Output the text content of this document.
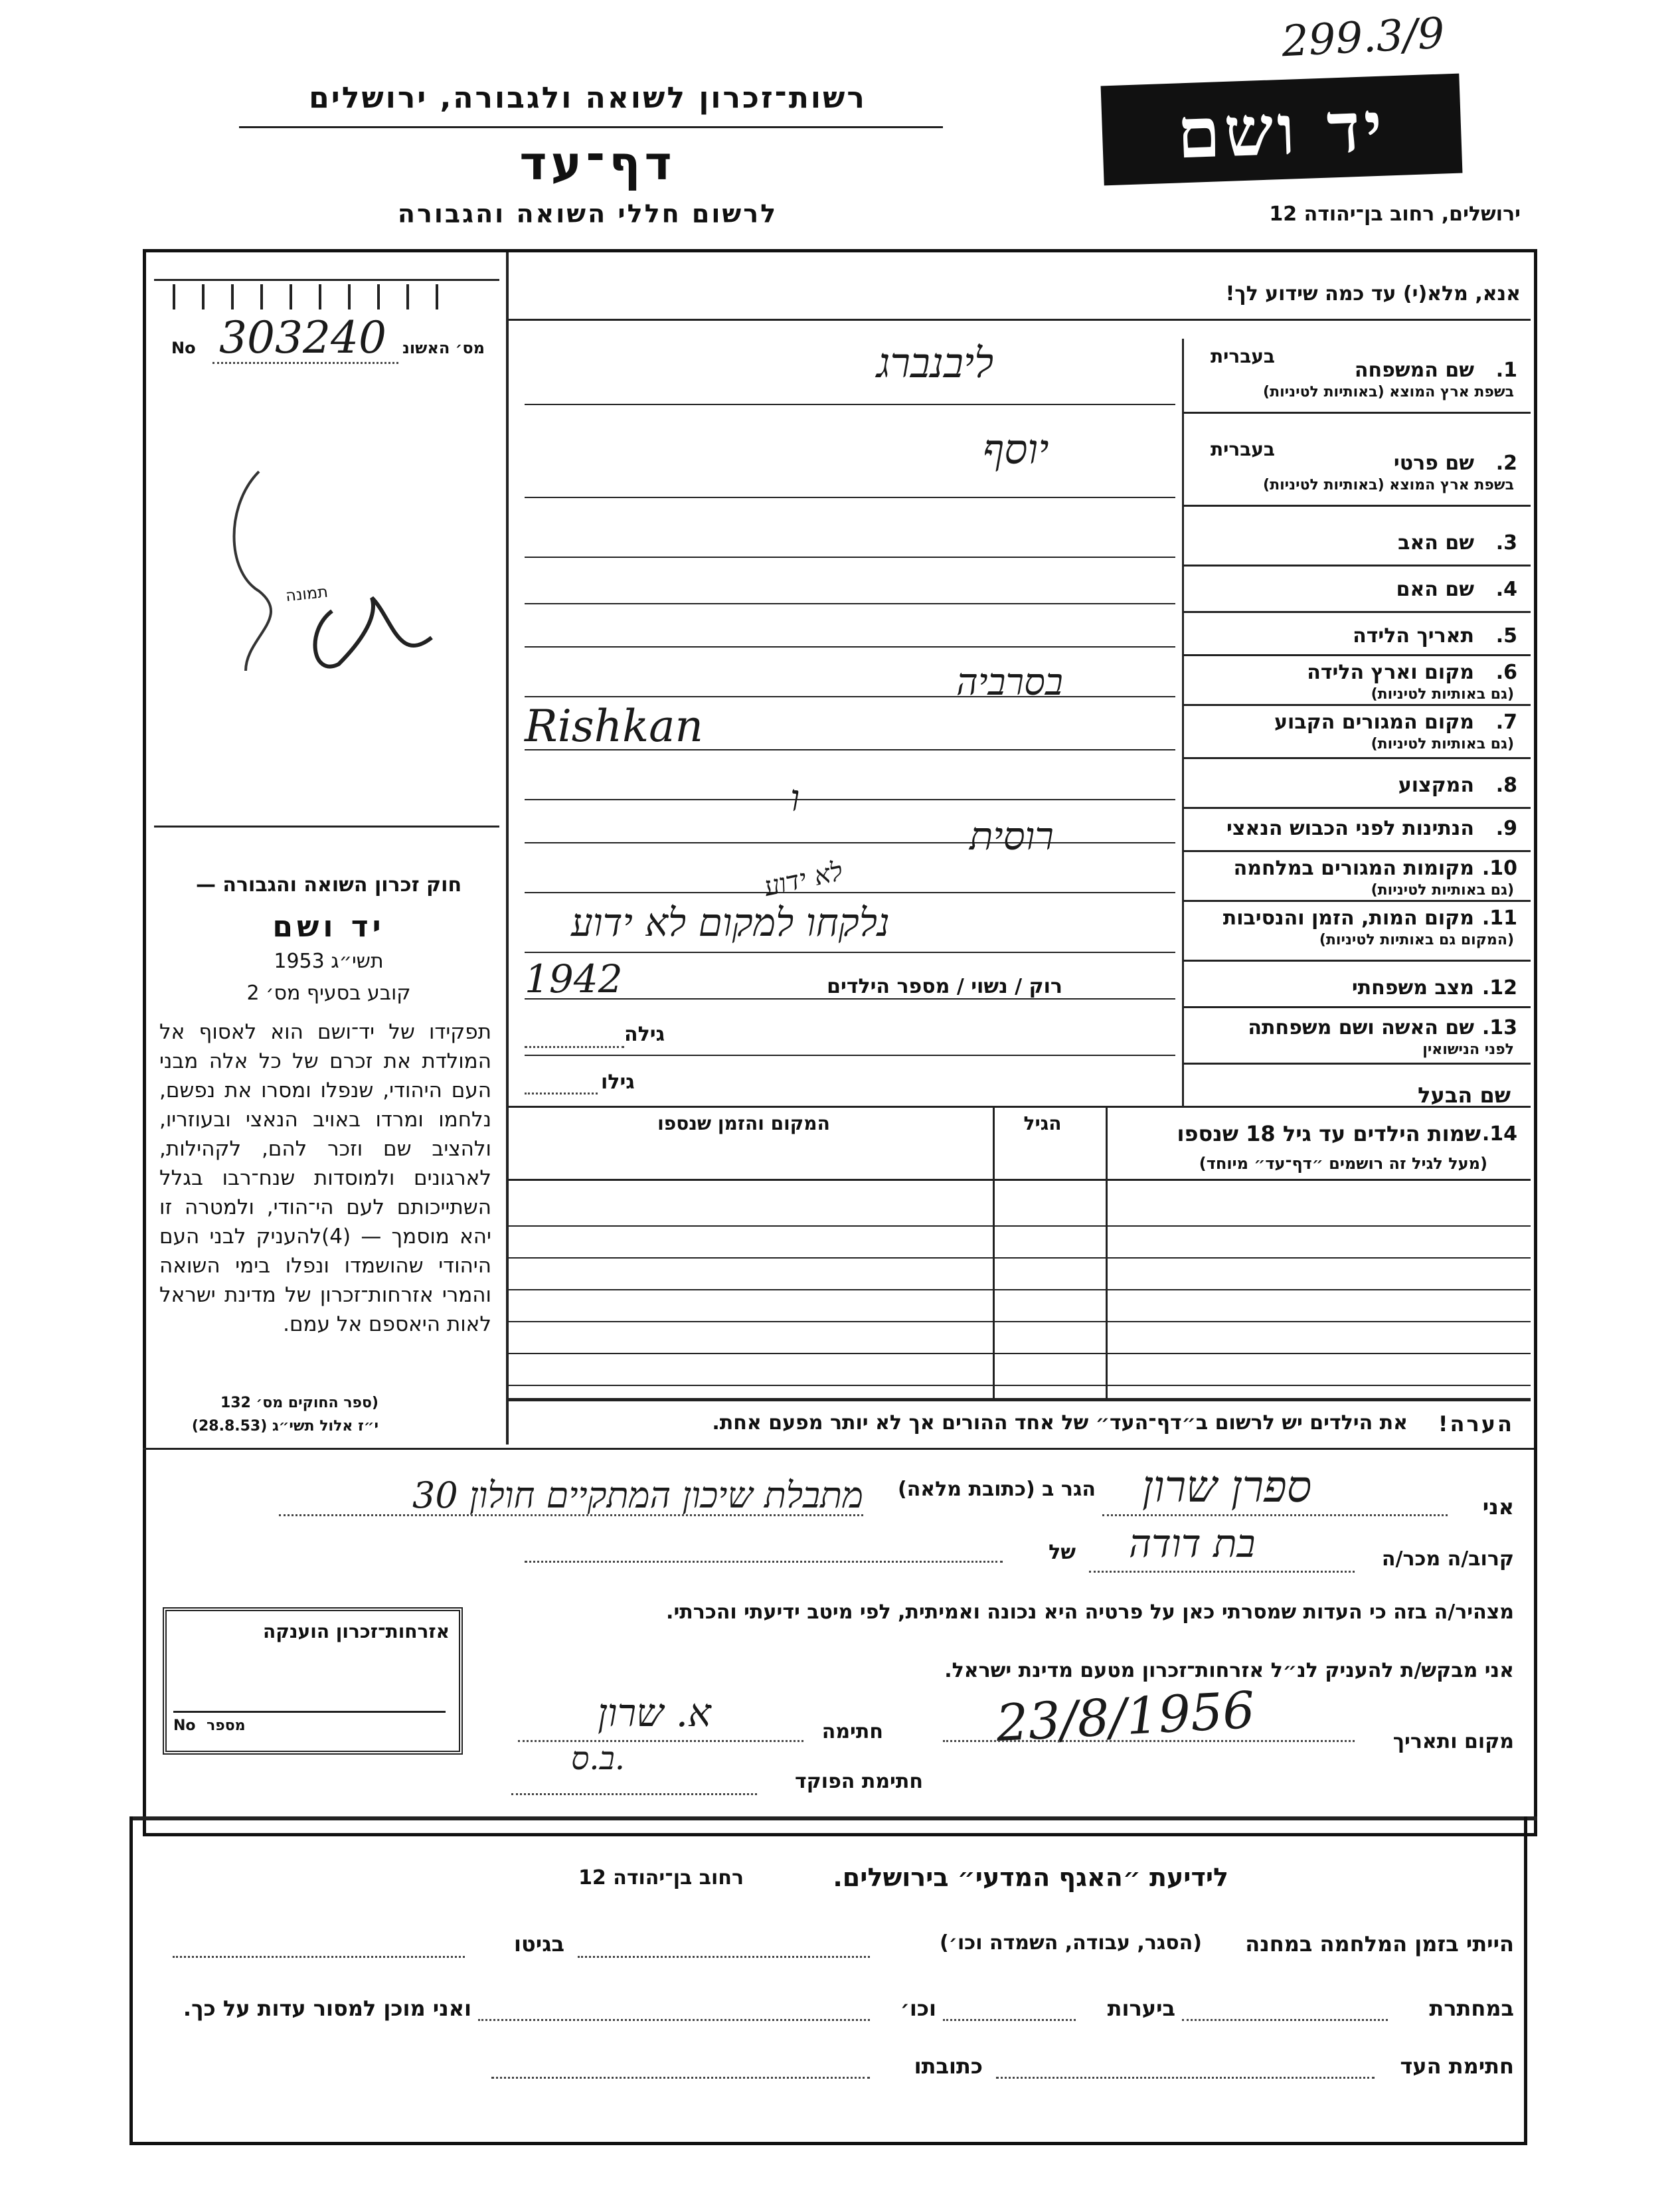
299.3/9
רשות־זכרון לשואה ולגבורה, ירושלים
דף־עד
לרשום חללי השואה והגבורה
יד ושם
ירושלים, רחוב בן־יהודה 12
מס׳ האשונ
No 303240
תמונה
חוק זכרון השואה והגבורה —
יד ושם
תשי״ג 1953
קובע בסעיף מס׳ 2
תפקידו של יד־ושם הוא לאסוף אל המולדת את זכרם של כל אלה מבני העם היהודי, שנפלו ומסרו את נפשם, נלחמו ומרדו באויב הנאצי ובעוזריו, ולהציב שם וזכר להם, לקהילות, לארגונים ולמוסדות שנח־רבו בגלל השתייכותם לעם הי־הודי, ולמטרה זו יהא מוסמך — (4)להעניק לבני העם היהודי שהושמדו ונפלו בימי השואה והמרי אזרחות־זכרון של מדינת ישראל לאות היאספם אל עמם.
(ספר החוקים מס׳ 132
י״ז אלול תשי״ג (28.8.53)
אנא, מלא(י) עד כמה שידוע לך!
1.
שם המשפחה
בשפת ארץ המוצא (באותיות לטיניות)
2.
שם פרטי
בשפת ארץ המוצא (באותיות לטיניות)
3.
שם האב
4.
שם האם
5.
תאריך הלידה
6.
מקום וארץ הלידה
(גם באותיות לטיניות)
7.
מקום המגורים הקבוע
(גם באותיות לטיניות)
8.
המקצוע
9.
הנתינות לפני הכבוש הנאצי
10.
מקומות המגורים במלחמה
(גם באותיות לטיניות)
11.
מקום המות, הזמן והנסיבות
(המקום גם באותיות לטיניות)
12.
מצב משפחתי
13.
שם האשה ושם משפחתה
לפני הנישואין
בעברית
בעברית
ליבנברג
יוסף
בסרביה
Rishkan
ו
רוסית
לא ידוע
נלקחו למקום לא ידוע
1942	רוק / נשוי / מספר הילדים
גילה
גילו
שם הבעל
14.
שמות הילדים עד גיל 18 שנספו
(מעל לגיל זה רושמים ״דף־עד״ מיוחד)
הגיל
המקום והזמן שנספו
הערה!
את הילדים יש לרשום ב״דף־העד״ של אחד ההורים אך לא יותר מפעם אחת.
אני
ספרן שרון
הגר ב (כתובת מלאה)
מתבלת שיכון המתקיים חולון 30
קרוב/ה מכר/ה
בת דודה
של
מצהיר/ה בזה כי העדות שמסרתי כאן על פרטיה היא נכונה ואמיתית, לפי מיטב ידיעתי והכרתי.
אני מבקש/ת להעניק לנ״ל אזרחות־זכרון מטעם מדינת ישראל.
מקום ותאריך
23/8/1956
חתימה
א. שרון
חתימת הפוקד
ב.ס.
אזרחות־זכרון הוענקה
מספר
No
לידיעת ״האגף המדעי״ בירושלים.
רחוב בן־יהודה 12
הייתי בזמן המלחמה במחנה
(הסגר, עבודה, השמדה וכו׳)
בגיטו
במחתרת
ביערות
וכו׳
ואני מוכן למסור עדות על כך.
חתימת העד
כתובתו
